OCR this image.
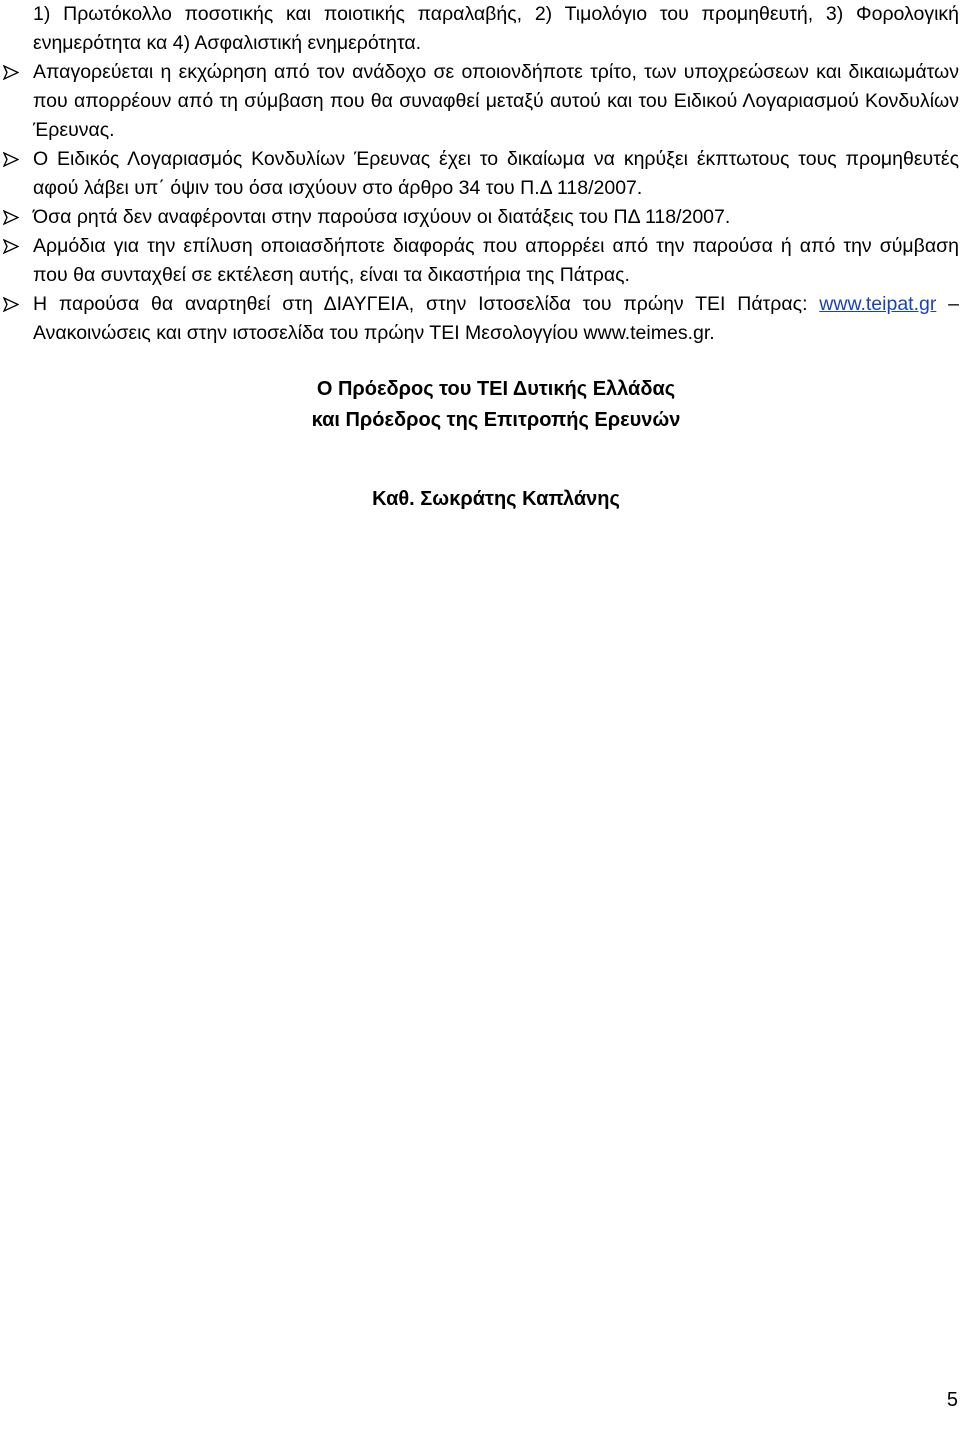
1) Πρωτόκολλο ποσοτικής και ποιοτικής παραλαβής, 2) Τιμολόγιο του προμηθευτή, 3) Φορολογική ενημερότητα κα 4) Ασφαλιστική ενημερότητα.
Απαγορεύεται η εκχώρηση από τον ανάδοχο σε οποιονδήποτε τρίτο, των υποχρεώσεων και δικαιωμάτων που απορρέουν από τη σύμβαση που θα συναφθεί μεταξύ αυτού και του Ειδικού Λογαριασμού Κονδυλίων Έρευνας.
Ο Ειδικός Λογαριασμός Κονδυλίων Έρευνας έχει το δικαίωμα να κηρύξει έκπτωτους τους προμηθευτές αφού λάβει υπ΄ όψιν του όσα ισχύουν στο άρθρο 34 του Π.Δ 118/2007.
Όσα ρητά δεν αναφέρονται στην παρούσα ισχύουν οι διατάξεις του ΠΔ 118/2007.
Αρμόδια για την επίλυση οποιασδήποτε διαφοράς που απορρέει από την παρούσα ή από την σύμβαση που θα συνταχθεί σε εκτέλεση αυτής, είναι τα δικαστήρια της Πάτρας.
Η παρούσα θα αναρτηθεί στη ΔΙΑΥΓΕΙΑ, στην Ιστοσελίδα του πρώην ΤΕΙ Πάτρας: www.teipat.gr – Ανακοινώσεις και στην ιστοσελίδα του πρώην ΤΕΙ Μεσολογγίου www.teimes.gr.
Ο Πρόεδρος του ΤΕΙ Δυτικής Ελλάδας
και Πρόεδρος της Επιτροπής Ερευνών
Καθ. Σωκράτης Καπλάνης
5
